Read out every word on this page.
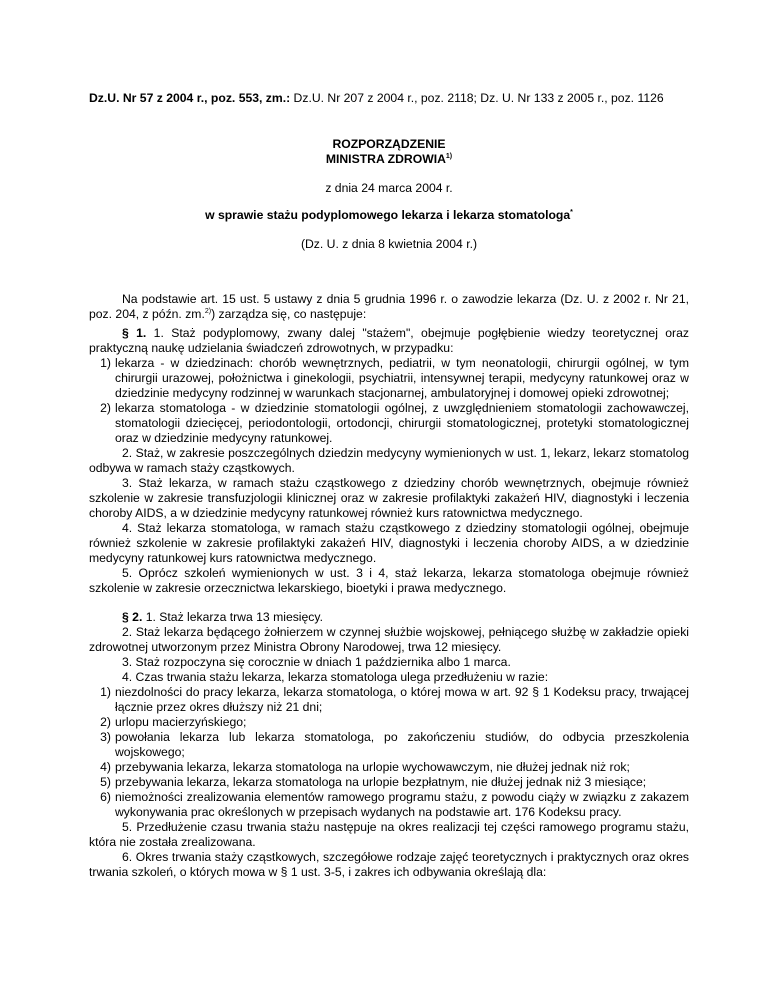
Dz.U. Nr 57 z 2004 r., poz. 553, zm.: Dz.U. Nr 207 z 2004 r., poz. 2118; Dz. U. Nr 133 z 2005 r., poz. 1126
ROZPORZĄDZENIE
MINISTRA ZDROWIA$^{1)}$
z dnia 24 marca 2004 r.
w sprawie stażu podyplomowego lekarza i lekarza stomatologa*
(Dz. U. z dnia 8 kwietnia 2004 r.)
Na podstawie art. 15 ust. 5 ustawy z dnia 5 grudnia 1996 r. o zawodzie lekarza (Dz. U. z 2002 r. Nr 21, poz. 204, z późn. zm.$^{2)}$) zarządza się, co następuje:

§ 1. 1. Staż podyplomowy, zwany dalej "stażem", obejmuje pogłębienie wiedzy teoretycznej oraz praktyczną naukę udzielania świadczeń zdrowotnych, w przypadku:

1) lekarza - w dziedzinach: chorób wewnętrznych, pediatrii, w tym neonatologii, chirurgii ogólnej, w tym chirurgii urazowej, położnictwa i ginekologii, psychiatrii, intensywnej terapii, medycyny ratunkowej oraz w dziedzinie medycyny rodzinnej w warunkach stacjonarnej, ambulatoryjnej i domowej opieki zdrowotnej;
2) lekarza stomatologa - w dziedzinie stomatologii ogólnej, z uwzględnieniem stomatologii zachowawczej, stomatologii dziecięcej, periodontologii, ortodoncji, chirurgii stomatologicznej, protetyki stomatologicznej oraz w dziedzinie medycyny ratunkowej.

2. Staż, w zakresie poszczególnych dziedzin medycyny wymienionych w ust. 1, lekarz, lekarz stomatolog odbywa w ramach staży cząstkowych.

3. Staż lekarza, w ramach stażu cząstkowego z dziedziny chorób wewnętrznych, obejmuje również szkolenie w zakresie transfuzjologii klinicznej oraz w zakresie profilaktyki zakażeń HIV, diagnostyki i leczenia choroby AIDS, a w dziedzinie medycyny ratunkowej również kurs ratownictwa medycznego.

4. Staż lekarza stomatologa, w ramach stażu cząstkowego z dziedziny stomatologii ogólnej, obejmuje również szkolenie w zakresie profilaktyki zakażeń HIV, diagnostyki i leczenia choroby AIDS, a w dziedzinie medycyny ratunkowej kurs ratownictwa medycznego.

5. Oprócz szkoleń wymienionych w ust. 3 i 4, staż lekarza, lekarza stomatologa obejmuje również szkolenie w zakresie orzecznictwa lekarskiego, bioetyki i prawa medycznego.

§ 2. 1. Staż lekarza trwa 13 miesięcy.

2. Staż lekarza będącego żołnierzem w czynnej służbie wojskowej, pełniącego służbę w zakładzie opieki zdrowotnej utworzonym przez Ministra Obrony Narodowej, trwa 12 miesięcy.

3. Staż rozpoczyna się corocznie w dniach 1 października albo 1 marca.

4. Czas trwania stażu lekarza, lekarza stomatologa ulega przedłużeniu w razie:

1) niezdolności do pracy lekarza, lekarza stomatologa, o której mowa w art. 92 § 1 Kodeksu pracy, trwającej łącznie przez okres dłuższy niż 21 dni;
2) urlopu macierzyńskiego;
3) powołania lekarza lub lekarza stomatologa, po zakończeniu studiów, do odbycia przeszkolenia wojskowego;
4) przebywania lekarza, lekarza stomatologa na urlopie wychowawczym, nie dłużej jednak niż rok;
5) przebywania lekarza, lekarza stomatologa na urlopie bezpłatnym, nie dłużej jednak niż 3 miesiące;
6) niemożności zrealizowania elementów ramowego programu stażu, z powodu ciąży w związku z zakazem wykonywania prac określonych w przepisach wydanych na podstawie art. 176 Kodeksu pracy.

5. Przedłużenie czasu trwania stażu następuje na okres realizacji tej części ramowego programu stażu, która nie została zrealizowana.

6. Okres trwania staży cząstkowych, szczegółowe rodzaje zajęć teoretycznych i praktycznych oraz okres trwania szkoleń, o których mowa w § 1 ust. 3-5, i zakres ich odbywania określają dla:
